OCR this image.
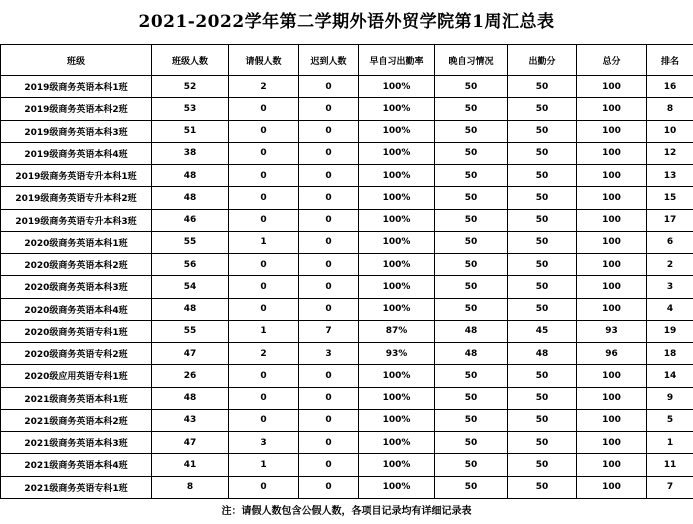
2021-2022学年第二学期外语外贸学院第1周汇总表
班级	班级人数	请假人数	迟到人数	早自习出勤率	晚自习情况	出勤分	总分	排名
2019级商务英语本科1班	52	2	0	100%	50	50	100	16
2019级商务英语本科2班	53	0	0	100%	50	50	100	8
2019级商务英语本科3班	51	0	0	100%	50	50	100	10
2019级商务英语本科4班	38	0	0	100%	50	50	100	12
2019级商务英语专升本科1班	48	0	0	100%	50	50	100	13
2019级商务英语专升本科2班	48	0	0	100%	50	50	100	15
2019级商务英语专升本科3班	46	0	0	100%	50	50	100	17
2020级商务英语本科1班	55	1	0	100%	50	50	100	6
2020级商务英语本科2班	56	0	0	100%	50	50	100	2
2020级商务英语本科3班	54	0	0	100%	50	50	100	3
2020级商务英语本科4班	48	0	0	100%	50	50	100	4
2020级商务英语专科1班	55	1	7	87%	48	45	93	19
2020级商务英语专科2班	47	2	3	93%	48	48	96	18
2020级应用英语专科1班	26	0	0	100%	50	50	100	14
2021级商务英语本科1班	48	0	0	100%	50	50	100	9
2021级商务英语本科2班	43	0	0	100%	50	50	100	5
2021级商务英语本科3班	47	3	0	100%	50	50	100	1
2021级商务英语本科4班	41	1	0	100%	50	50	100	11
2021级商务英语专科1班	8	0	0	100%	50	50	100	7
注：请假人数包含公假人数，各项目记录均有详细记录表
